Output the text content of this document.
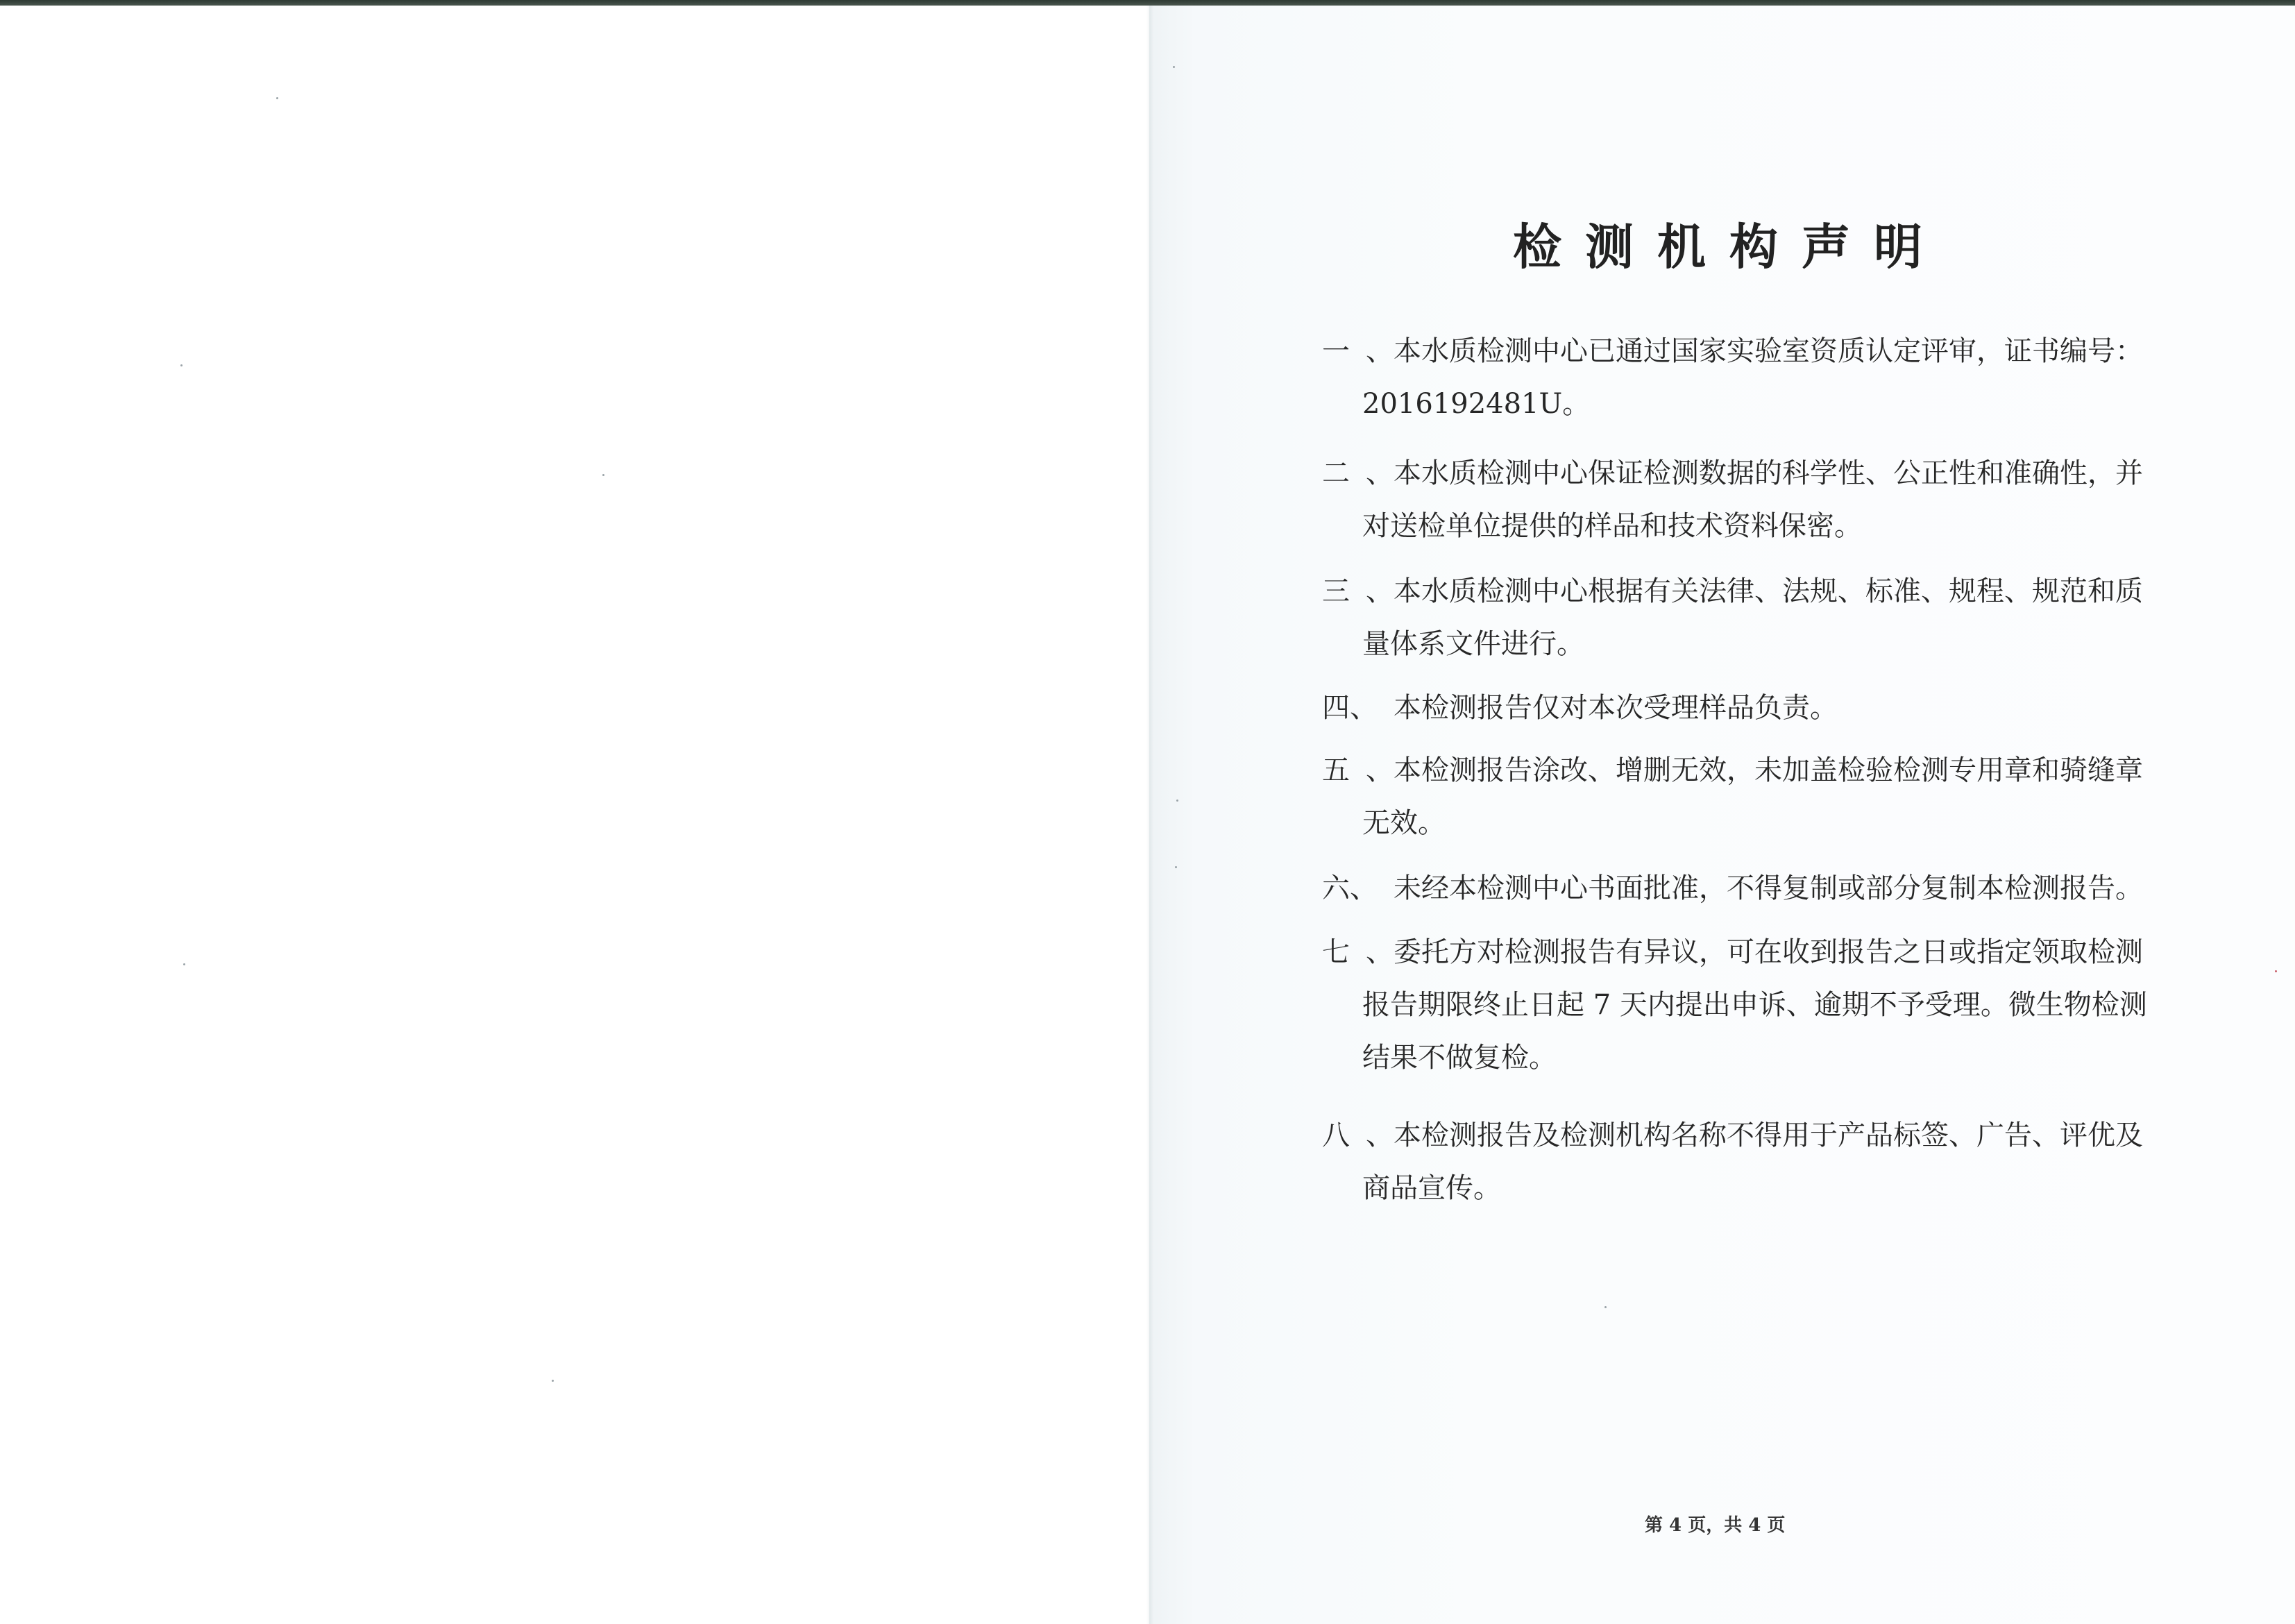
检测机构声明
一、本水质检测中心已通过国家实验室资质认定评审，证书编号：
2016192481U。
二、本水质检测中心保证检测数据的科学性、公正性和准确性，并
对送检单位提供的样品和技术资料保密。
三、本水质检测中心根据有关法律、法规、标准、规程、规范和质
量体系文件进行。
四、 本检测报告仅对本次受理样品负责。
五、本检测报告涂改、增删无效，未加盖检验检测专用章和骑缝章
无效。
六、 未经本检测中心书面批准，不得复制或部分复制本检测报告。
七、委托方对检测报告有异议，可在收到报告之日或指定领取检测
报告期限终止日起 7 天内提出申诉、逾期不予受理。微生物检测
结果不做复检。
八、本检测报告及检测机构名称不得用于产品标签、广告、评优及
商品宣传。
第 4 页，共 4 页
